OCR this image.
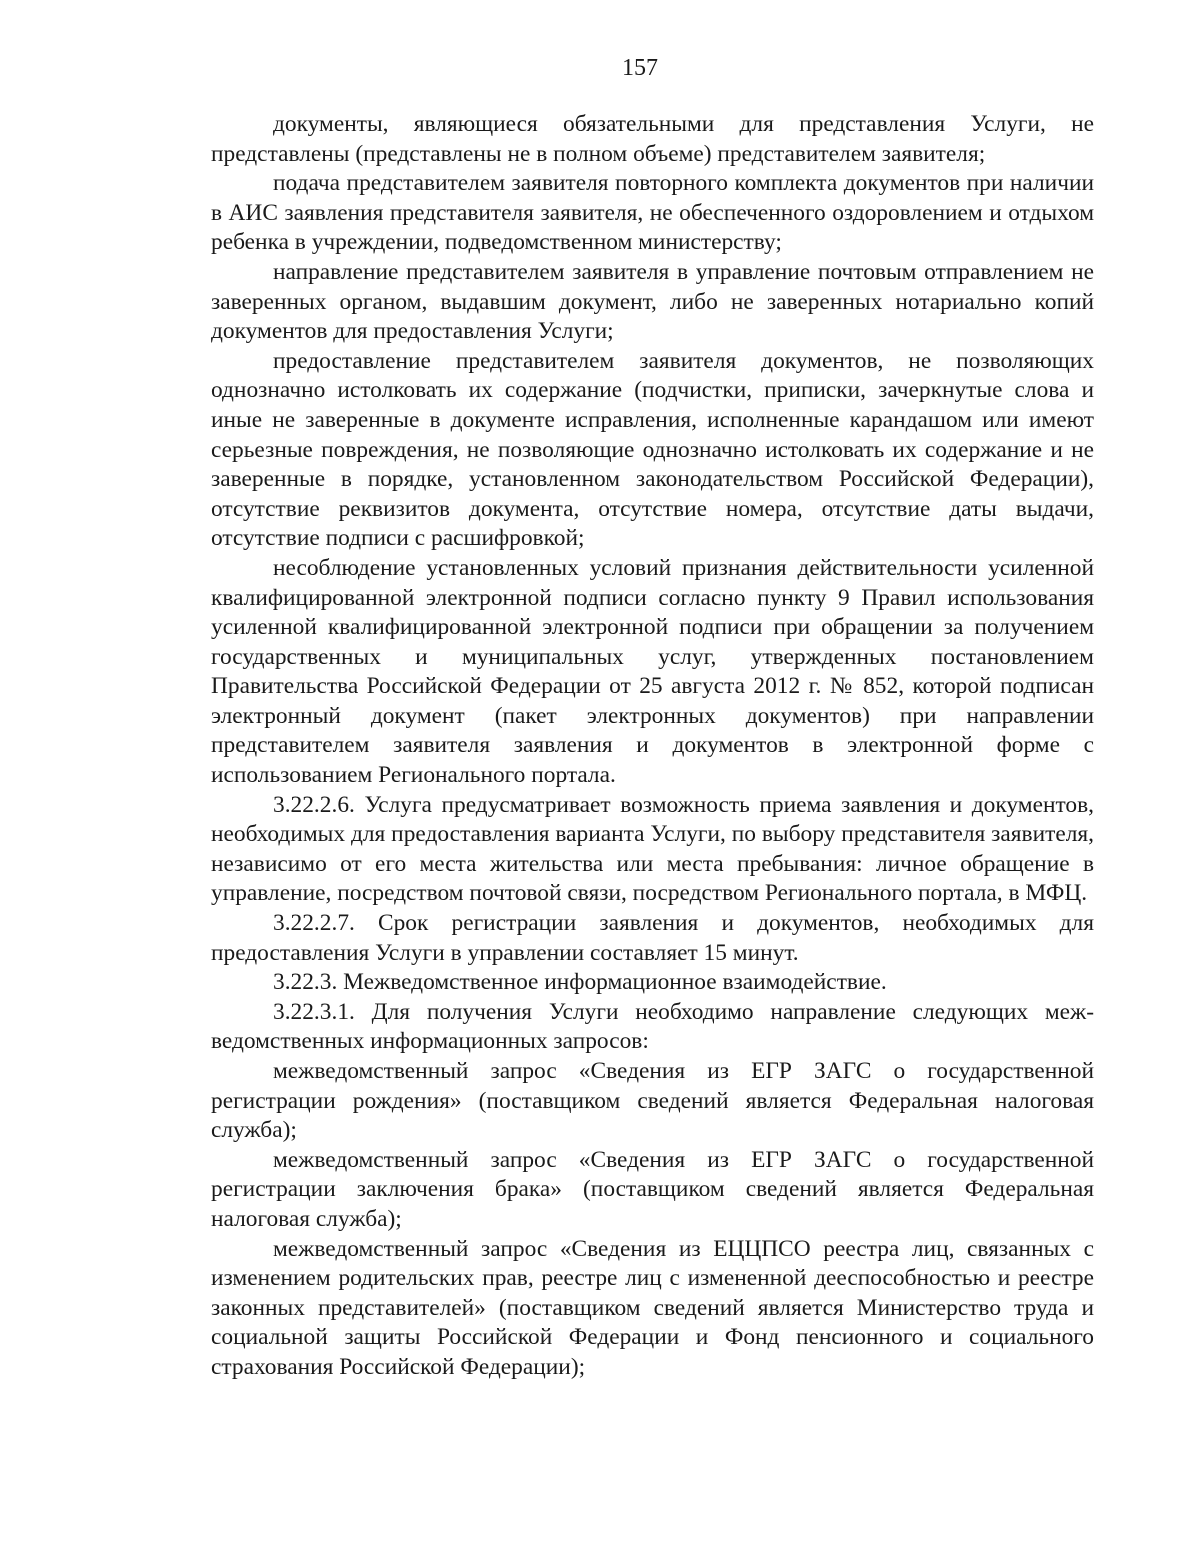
157

документы, являющиеся обязательными для представления Услуги, не представлены (представлены не в полном объеме) представителем заявителя;

подача представителем заявителя повторного комплекта документов при наличии в АИС заявления представителя заявителя, не обеспеченного оздоровлением и отдыхом ребенка в учреждении, подведомственном министерству;

направление представителем заявителя в управление почтовым отправлением не заверенных органом, выдавшим документ, либо не заверенных нотариально копий документов для предоставления Услуги;

предоставление представителем заявителя документов, не позволяющих однозначно истолковать их содержание (подчистки, приписки, зачеркнутые слова и иные не заверенные в документе исправления, исполненные карандашом или имеют серьезные повреждения, не позволяющие однозначно истолковать их содержание и не заверенные в порядке, установленном законодательством Российской Федерации), отсутствие реквизитов документа, отсутствие номера, отсутствие даты выдачи, отсутствие подписи с расшифровкой;

несоблюдение установленных условий признания действительности усиленной квалифицированной электронной подписи согласно пункту 9 Правил использования усиленной квалифицированной электронной подписи при обращении за получением государственных и муниципальных услуг, утвержденных постановлением Правительства Российской Федерации от 25 августа 2012 г. № 852, которой подписан электронный документ (пакет электронных документов) при направлении представителем заявителя заявления и документов в электронной форме с использованием Регионального портала.

3.22.2.6. Услуга предусматривает возможность приема заявления и документов, необходимых для предоставления варианта Услуги, по выбору представителя заявителя, независимо от его места жительства или места пребывания: личное обращение в управление, посредством почтовой связи, посредством Регионального портала, в МФЦ.

3.22.2.7. Срок регистрации заявления и документов, необходимых для предоставления Услуги в управлении составляет 15 минут.

3.22.3. Межведомственное информационное взаимодействие.

3.22.3.1. Для получения Услуги необходимо направление следующих межведомственных информационных запросов:

межведомственный запрос «Сведения из ЕГР ЗАГС о государственной регистрации рождения» (поставщиком сведений является Федеральная налоговая служба);

межведомственный запрос «Сведения из ЕГР ЗАГС о государственной регистрации заключения брака» (поставщиком сведений является Федеральная налоговая служба);

межведомственный запрос «Сведения из ЕЦЦПСО реестра лиц, связанных с изменением родительских прав, реестре лиц с измененной дееспособностью и реестре законных представителей» (поставщиком сведений является Министерство труда и социальной защиты Российской Федерации и Фонд пенсионного и социального страхования Российской Федерации);
